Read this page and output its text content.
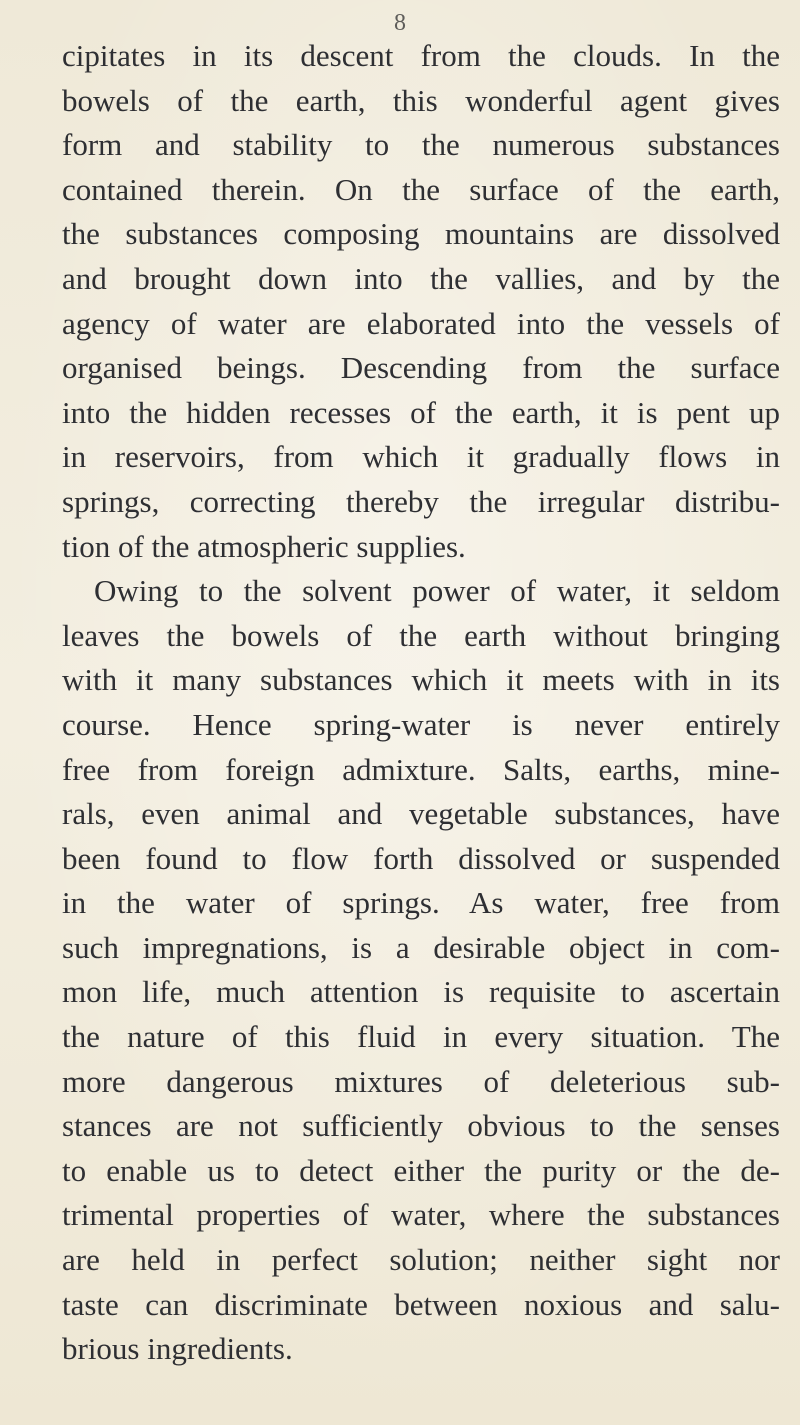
8
cipitates in its descent from the clouds. In the
bowels of the earth, this wonderful agent gives
form and stability to the numerous substances
contained therein. On the surface of the earth,
the substances composing mountains are dissolved
and brought down into the vallies, and by the
agency of water are elaborated into the vessels of
organised beings. Descending from the surface
into the hidden recesses of the earth, it is pent up
in reservoirs, from which it gradually flows in
springs, correcting thereby the irregular distribu-
tion of the atmospheric supplies.
Owing to the solvent power of water, it seldom
leaves the bowels of the earth without bringing
with it many substances which it meets with in its
course. Hence spring-water is never entirely
free from foreign admixture. Salts, earths, mine-
rals, even animal and vegetable substances, have
been found to flow forth dissolved or suspended
in the water of springs. As water, free from
such impregnations, is a desirable object in com-
mon life, much attention is requisite to ascertain
the nature of this fluid in every situation. The
more dangerous mixtures of deleterious sub-
stances are not sufficiently obvious to the senses
to enable us to detect either the purity or the de-
trimental properties of water, where the substances
are held in perfect solution; neither sight nor
taste can discriminate between noxious and salu-
brious ingredients.
